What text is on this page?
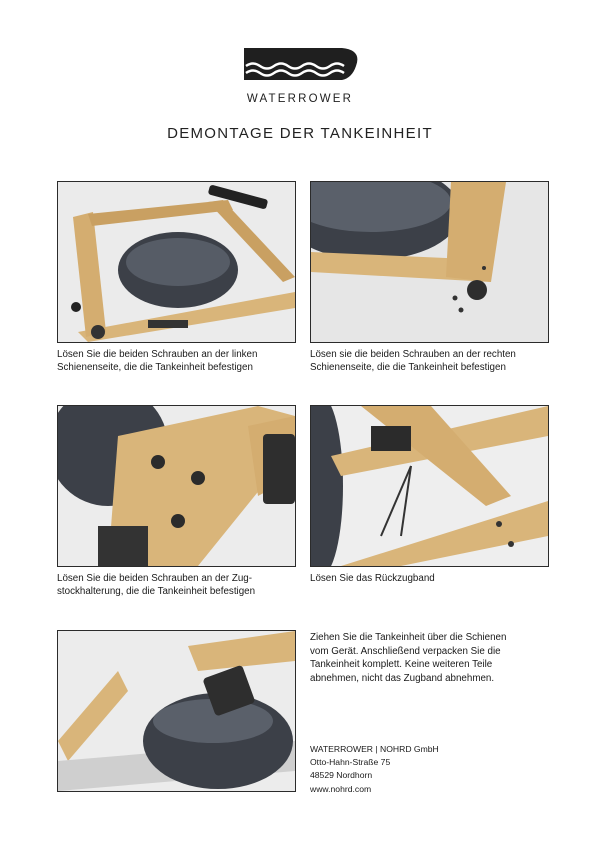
WATERROWER
DEMONTAGE DER TANKEINHEIT
Lösen Sie die beiden Schrauben an der linken
Schienenseite, die die Tankeinheit befestigen
Lösen sie die beiden Schrauben an der rechten
Schienenseite, die die Tankeinheit befestigen
Lösen Sie die beiden Schrauben an der Zug-
stockhalterung, die die Tankeinheit befestigen
Lösen Sie das Rückzugband
Ziehen Sie die Tankeinheit über die Schienen
vom Gerät. Anschließend verpacken Sie die
Tankeinheit komplett. Keine weiteren Teile
abnehmen, nicht das Zugband abnehmen.
WATERROWER | NOHRD GmbH
Otto-Hahn-Straße 75
48529 Nordhorn
www.nohrd.com
